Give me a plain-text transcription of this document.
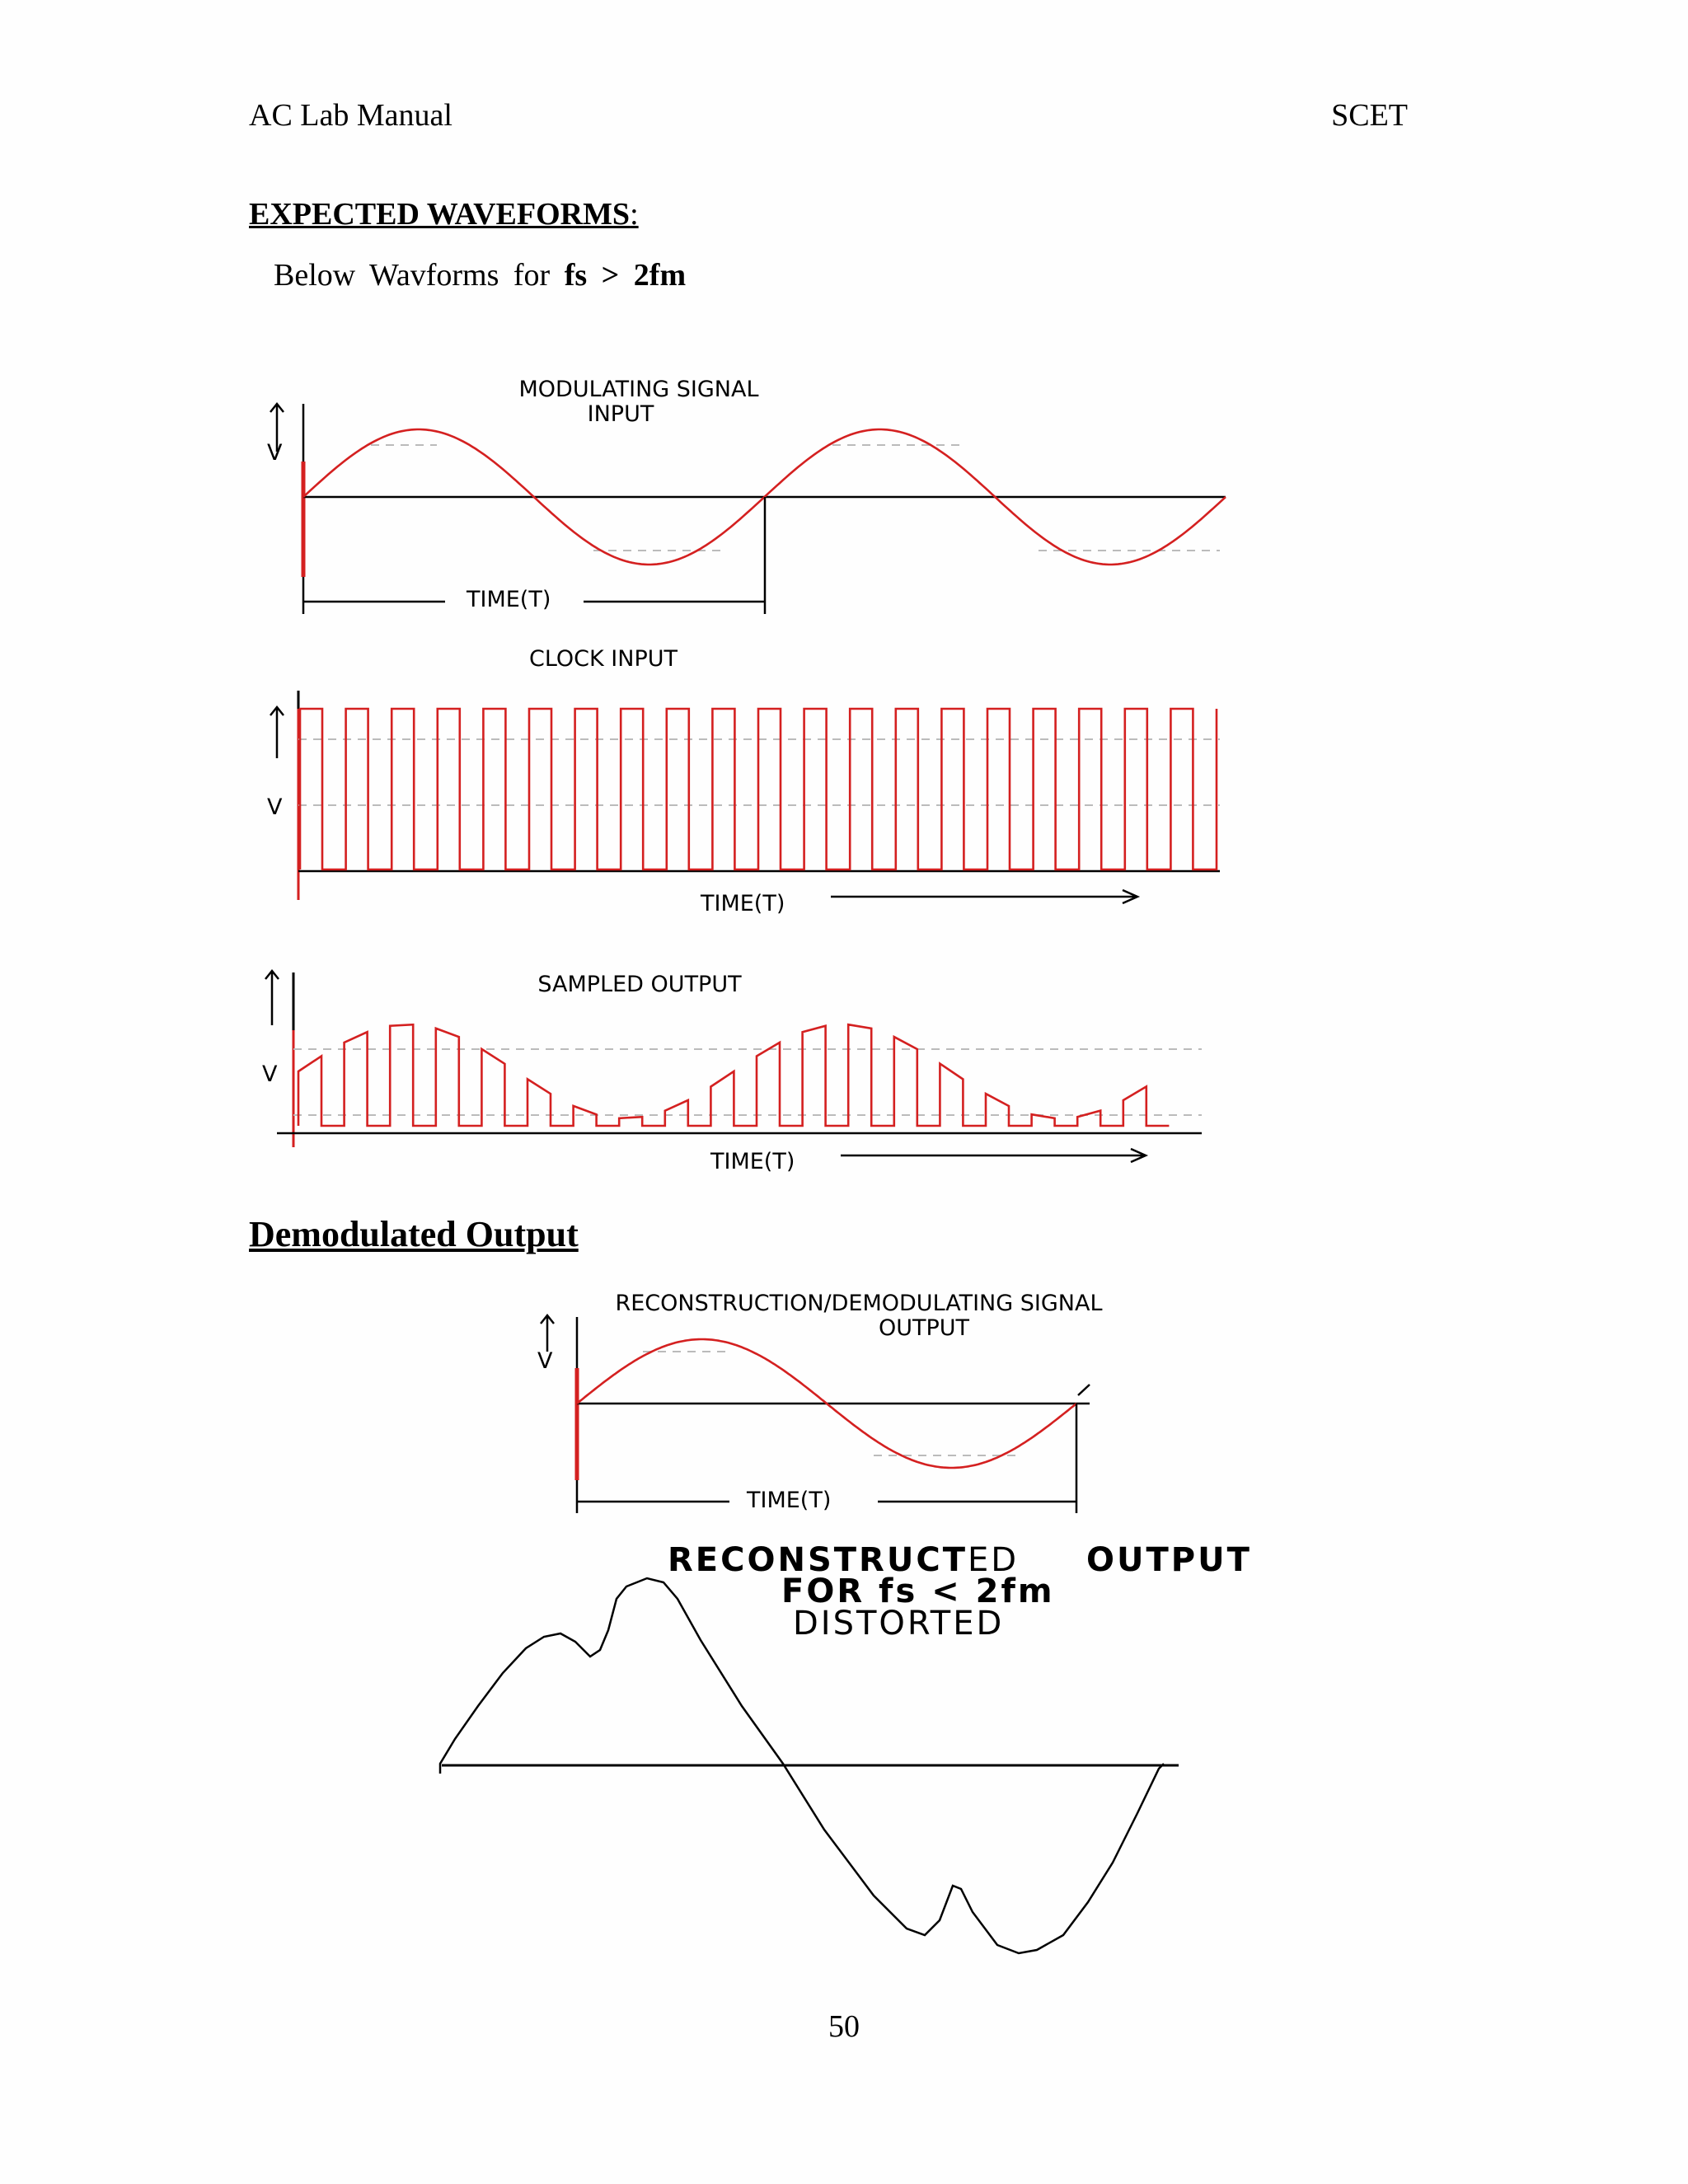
AC Lab Manual	SCET
EXPECTED WAVEFORMS:
Below Wavforms for fs > 2fm
Demodulated Output
50
MODULATING SIGNAL
INPUT
V
TIME(T)
CLOCK INPUT
V
TIME(T)
SAMPLED OUTPUT
V
TIME(T)
RECONSTRUCTION/DEMODULATING SIGNAL
OUTPUT
V
TIME(T)
RECONSTRUCTED OUTPUT
FOR fs < 2fm
DISTORTED
